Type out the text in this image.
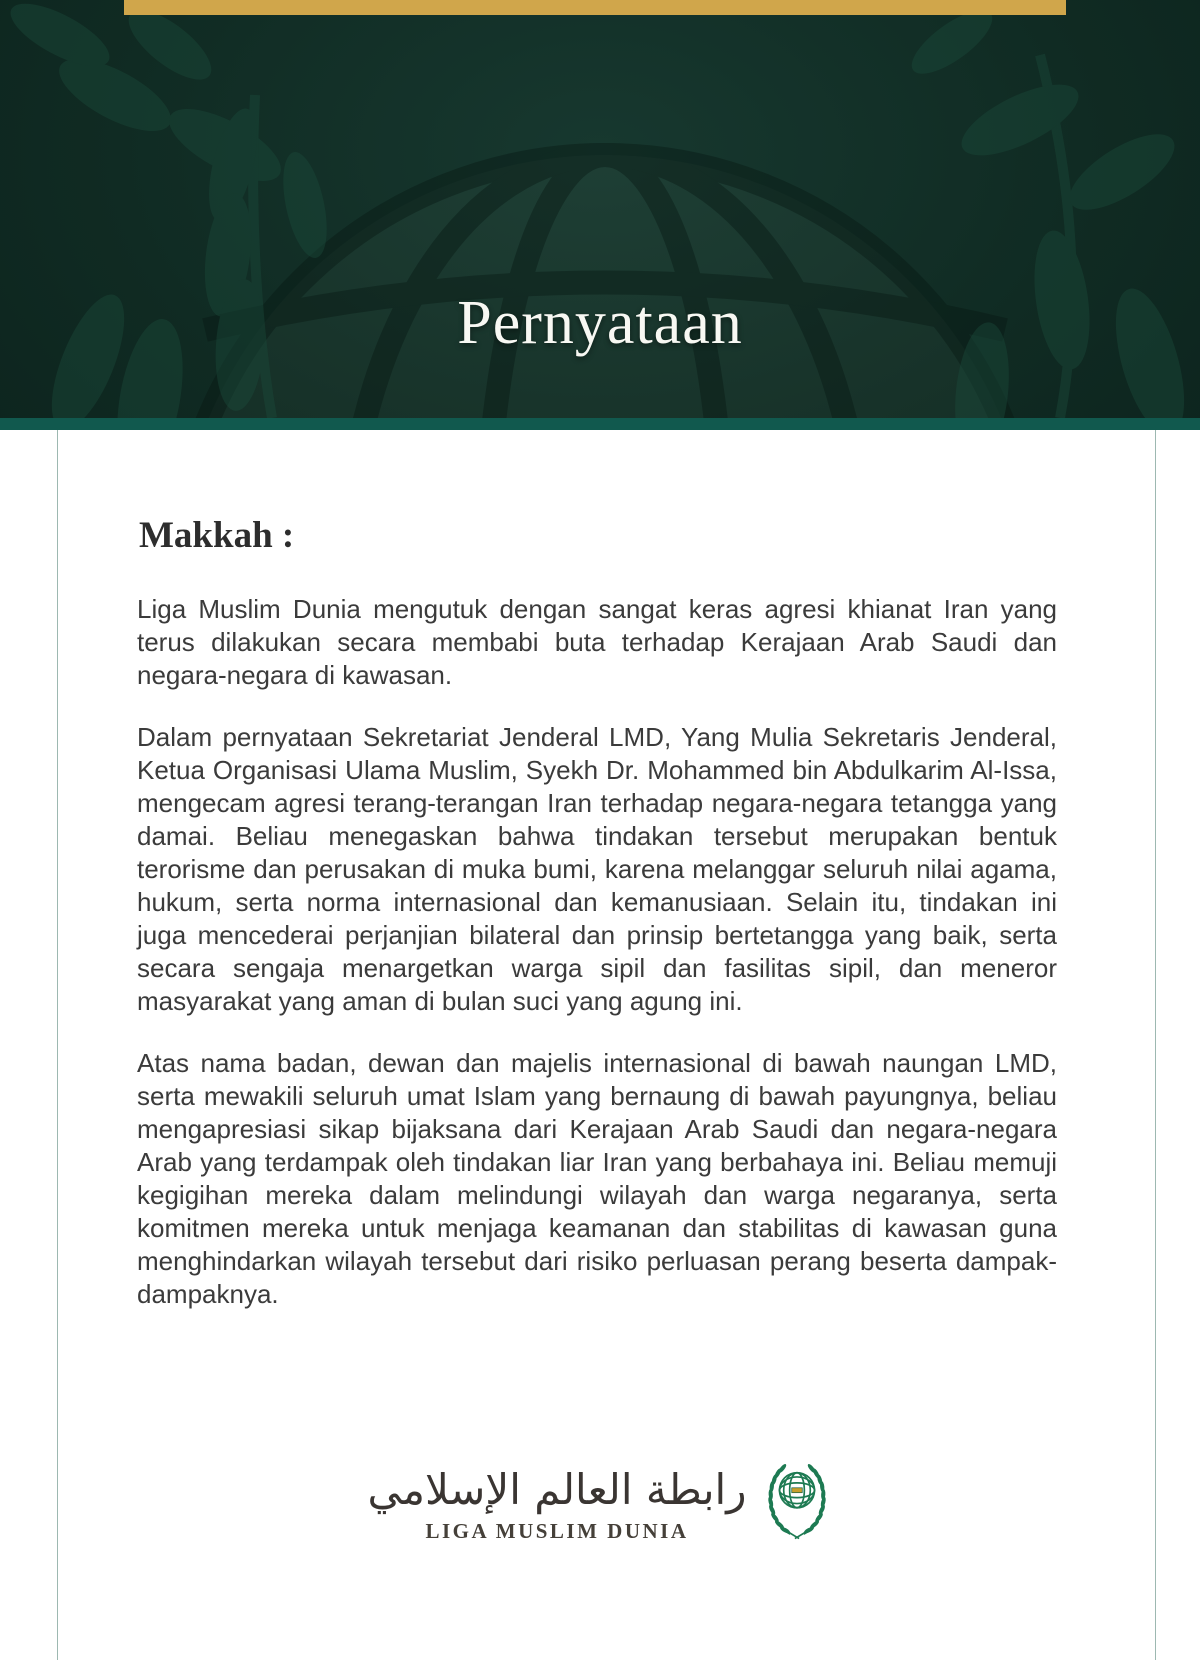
Pernyataan
Makkah :

Liga Muslim Dunia mengutuk dengan sangat keras agresi khianat Iran yang terus dilakukan secara membabi buta terhadap Kerajaan Arab Saudi dan negara-negara di kawasan.

Dalam pernyataan Sekretariat Jenderal LMD, Yang Mulia Sekretaris Jenderal, Ketua Organisasi Ulama Muslim, Syekh Dr. Mohammed bin Abdulkarim Al-Issa, mengecam agresi terang-terangan Iran terhadap negara-negara tetangga yang damai. Beliau menegaskan bahwa tindakan tersebut merupakan bentuk terorisme dan perusakan di muka bumi, karena melanggar seluruh nilai agama, hukum, serta norma internasional dan kemanusiaan. Selain itu, tindakan ini juga mencederai perjanjian bilateral dan prinsip bertetangga yang baik, serta secara sengaja menargetkan warga sipil dan fasilitas sipil, dan meneror masyarakat yang aman di bulan suci yang agung ini.

Atas nama badan, dewan dan majelis internasional di bawah naungan LMD, serta mewakili seluruh umat Islam yang bernaung di bawah payungnya, beliau mengapresiasi sikap bijaksana dari Kerajaan Arab Saudi dan negara-negara Arab yang terdampak oleh tindakan liar Iran yang berbahaya ini. Beliau memuji kegigihan mereka dalam melindungi wilayah dan warga negaranya, serta komitmen mereka untuk menjaga keamanan dan stabilitas di kawasan guna menghindarkan wilayah tersebut dari risiko perluasan perang beserta dampak-dampaknya.

رابطة العالم الإسلامي
LIGA MUSLIM DUNIA
